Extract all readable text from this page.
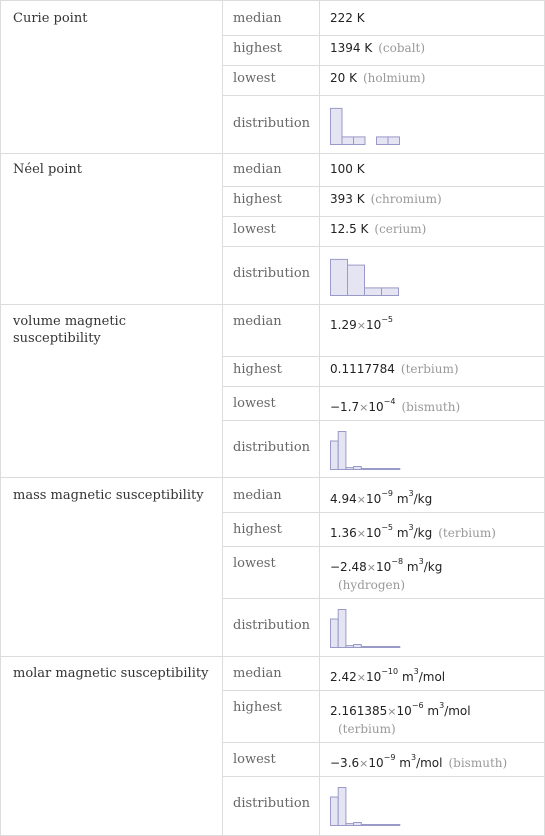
Curie point	median	222 K
highest	1394 K (cobalt)
lowest	20 K (holmium)
distribution
Néel point	median	100 K
highest	393 K (chromium)
lowest	12.5 K (cerium)
distribution
volume magnetic susceptibility
median	$1.29\times 10^{-5}$
highest	0.1117784 (terbium)
lowest	$-1.7\times 10^{-4}$ (bismuth)
distribution
mass magnetic susceptibility	median	$4.94\times 10^{-9}$ $m^3/kg$
highest	$1.36\times 10^{-5}$ $m^3/kg$ (terbium)
lowest	$-2.48\times 10^{-8}$ $m^3/kg$
(hydrogen)
distribution
molar magnetic susceptibility	median	$2.42\times 10^{-10}$ $m^3$/mol
highest	$2.161385\times 10^{-6}$ $m^3$/mol
(terbium)
lowest	$-3.6\times 10^{-9}$ $m^3$/mol (bismuth)
distribution
